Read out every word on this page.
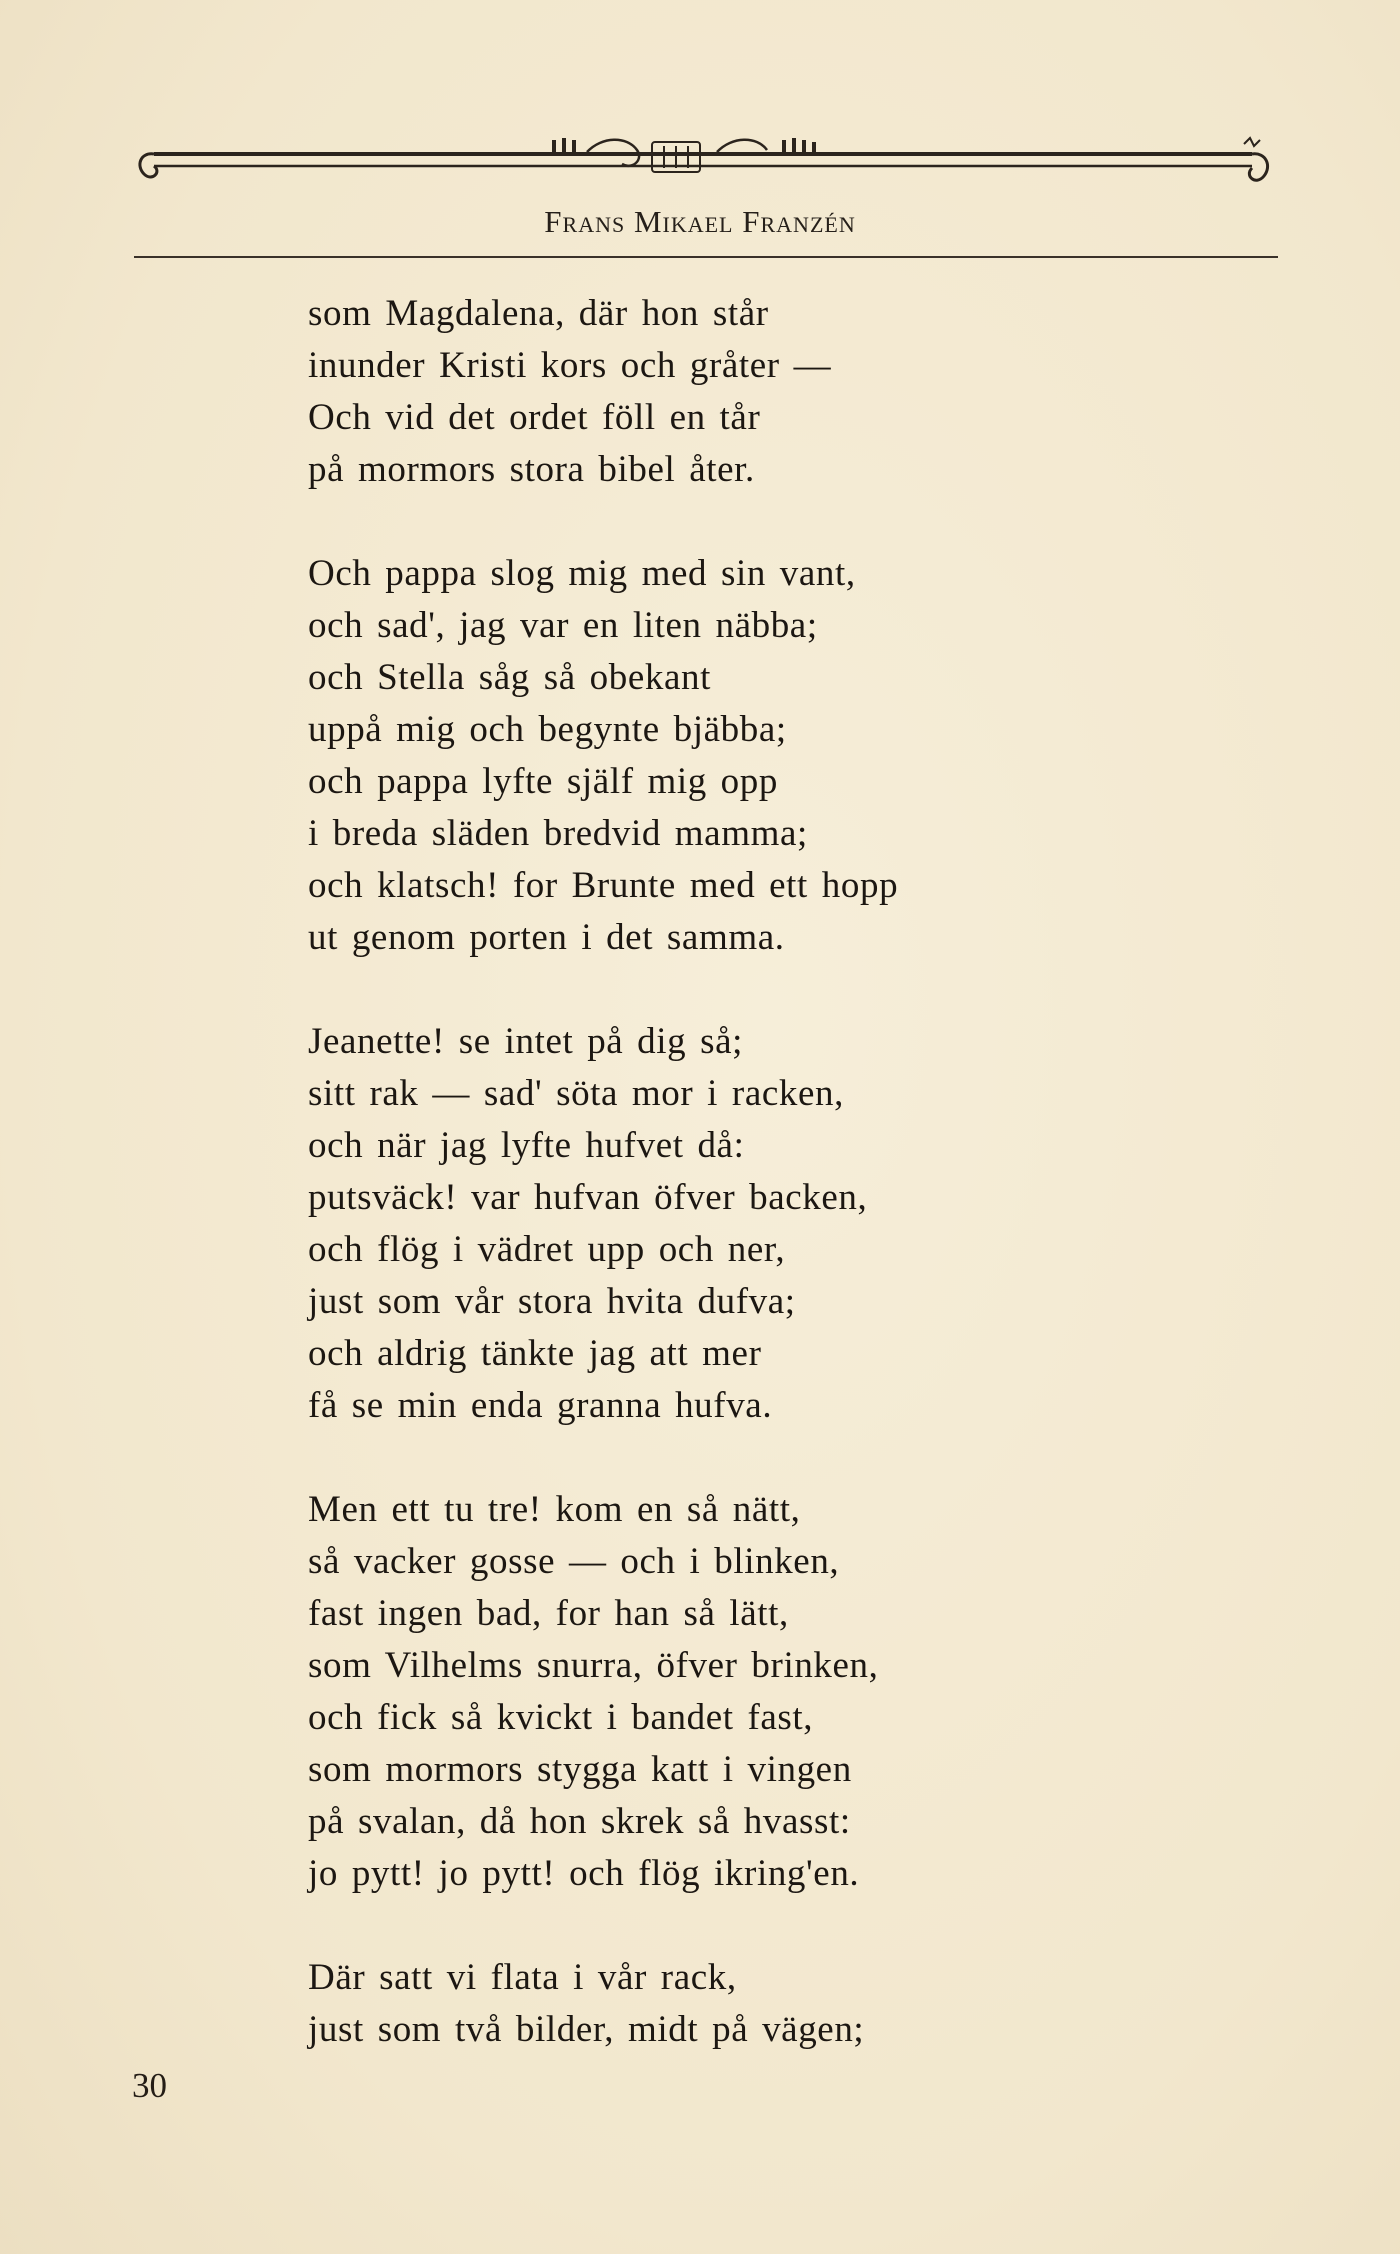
Frans Mikael Franzén
som Magdalena, där hon står
inunder Kristi kors och gråter —
Och vid det ordet föll en tår
på mormors stora bibel åter.
Och pappa slog mig med sin vant,
och sad', jag var en liten näbba;
och Stella såg så obekant
uppå mig och begynte bjäbba;
och pappa lyfte själf mig opp
i breda släden bredvid mamma;
och klatsch! for Brunte med ett hopp
ut genom porten i det samma.
Jeanette! se intet på dig så;
sitt rak — sad' söta mor i racken,
och när jag lyfte hufvet då:
putsväck! var hufvan öfver backen,
och flög i vädret upp och ner,
just som vår stora hvita dufva;
och aldrig tänkte jag att mer
få se min enda granna hufva.
Men ett tu tre! kom en så nätt,
så vacker gosse — och i blinken,
fast ingen bad, for han så lätt,
som Vilhelms snurra, öfver brinken,
och fick så kvickt i bandet fast,
som mormors stygga katt i vingen
på svalan, då hon skrek så hvasst:
jo pytt! jo pytt! och flög ikring'en.
Där satt vi flata i vår rack,
just som två bilder, midt på vägen;
30
